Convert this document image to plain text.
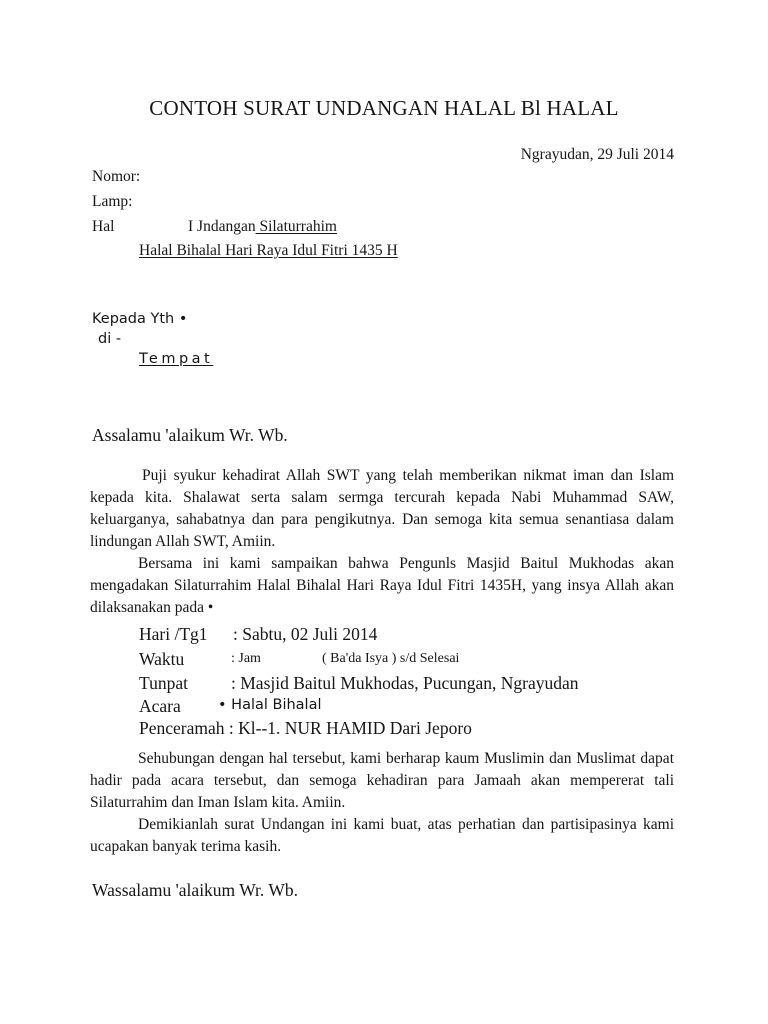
CONTOH SURAT UNDANGAN HALAL Bl HALAL
Ngrayudan, 29 Juli 2014
Nomor:
Lamp:
Hal	I Jndangan Silaturrahim
Halal Bihalal Hari Raya Idul Fitri 1435 H
Kepada Yth •
di -
Tempat
Assalamu 'alaikum Wr. Wb.
Puji syukur kehadirat Allah SWT yang telah memberikan nikmat iman dan Islam kepada kita. Shalawat serta salam sermga tercurah kepada Nabi Muhammad SAW, keluarganya, sahabatnya dan para pengikutnya. Dan semoga kita semua senantiasa dalam lindungan Allah SWT, Amiin.
Bersama ini kami sampaikan bahwa Pengunls Masjid Baitul Mukhodas akan mengadakan Silaturrahim Halal Bihalal Hari Raya Idul Fitri 1435H, yang insya Allah akan dilaksanakan pada •
Hari /Tg1 : Sabtu, 02 Juli 2014
Waktu	: Jam	( Ba'da Isya ) s/d Selesai
Tunpat : Masjid Baitul Mukhodas, Pucungan, Ngrayudan
Acara	• Halal Bihalal
Penceramah : Kl--1. NUR HAMID Dari Jeporo
Sehubungan dengan hal tersebut, kami berharap kaum Muslimin dan Muslimat dapat hadir pada acara tersebut, dan semoga kehadiran para Jamaah akan mempererat tali Silaturrahim dan Iman Islam kita. Amiin.
Demikianlah surat Undangan ini kami buat, atas perhatian dan partisipasinya kami ucapakan banyak terima kasih.
Wassalamu 'alaikum Wr. Wb.
